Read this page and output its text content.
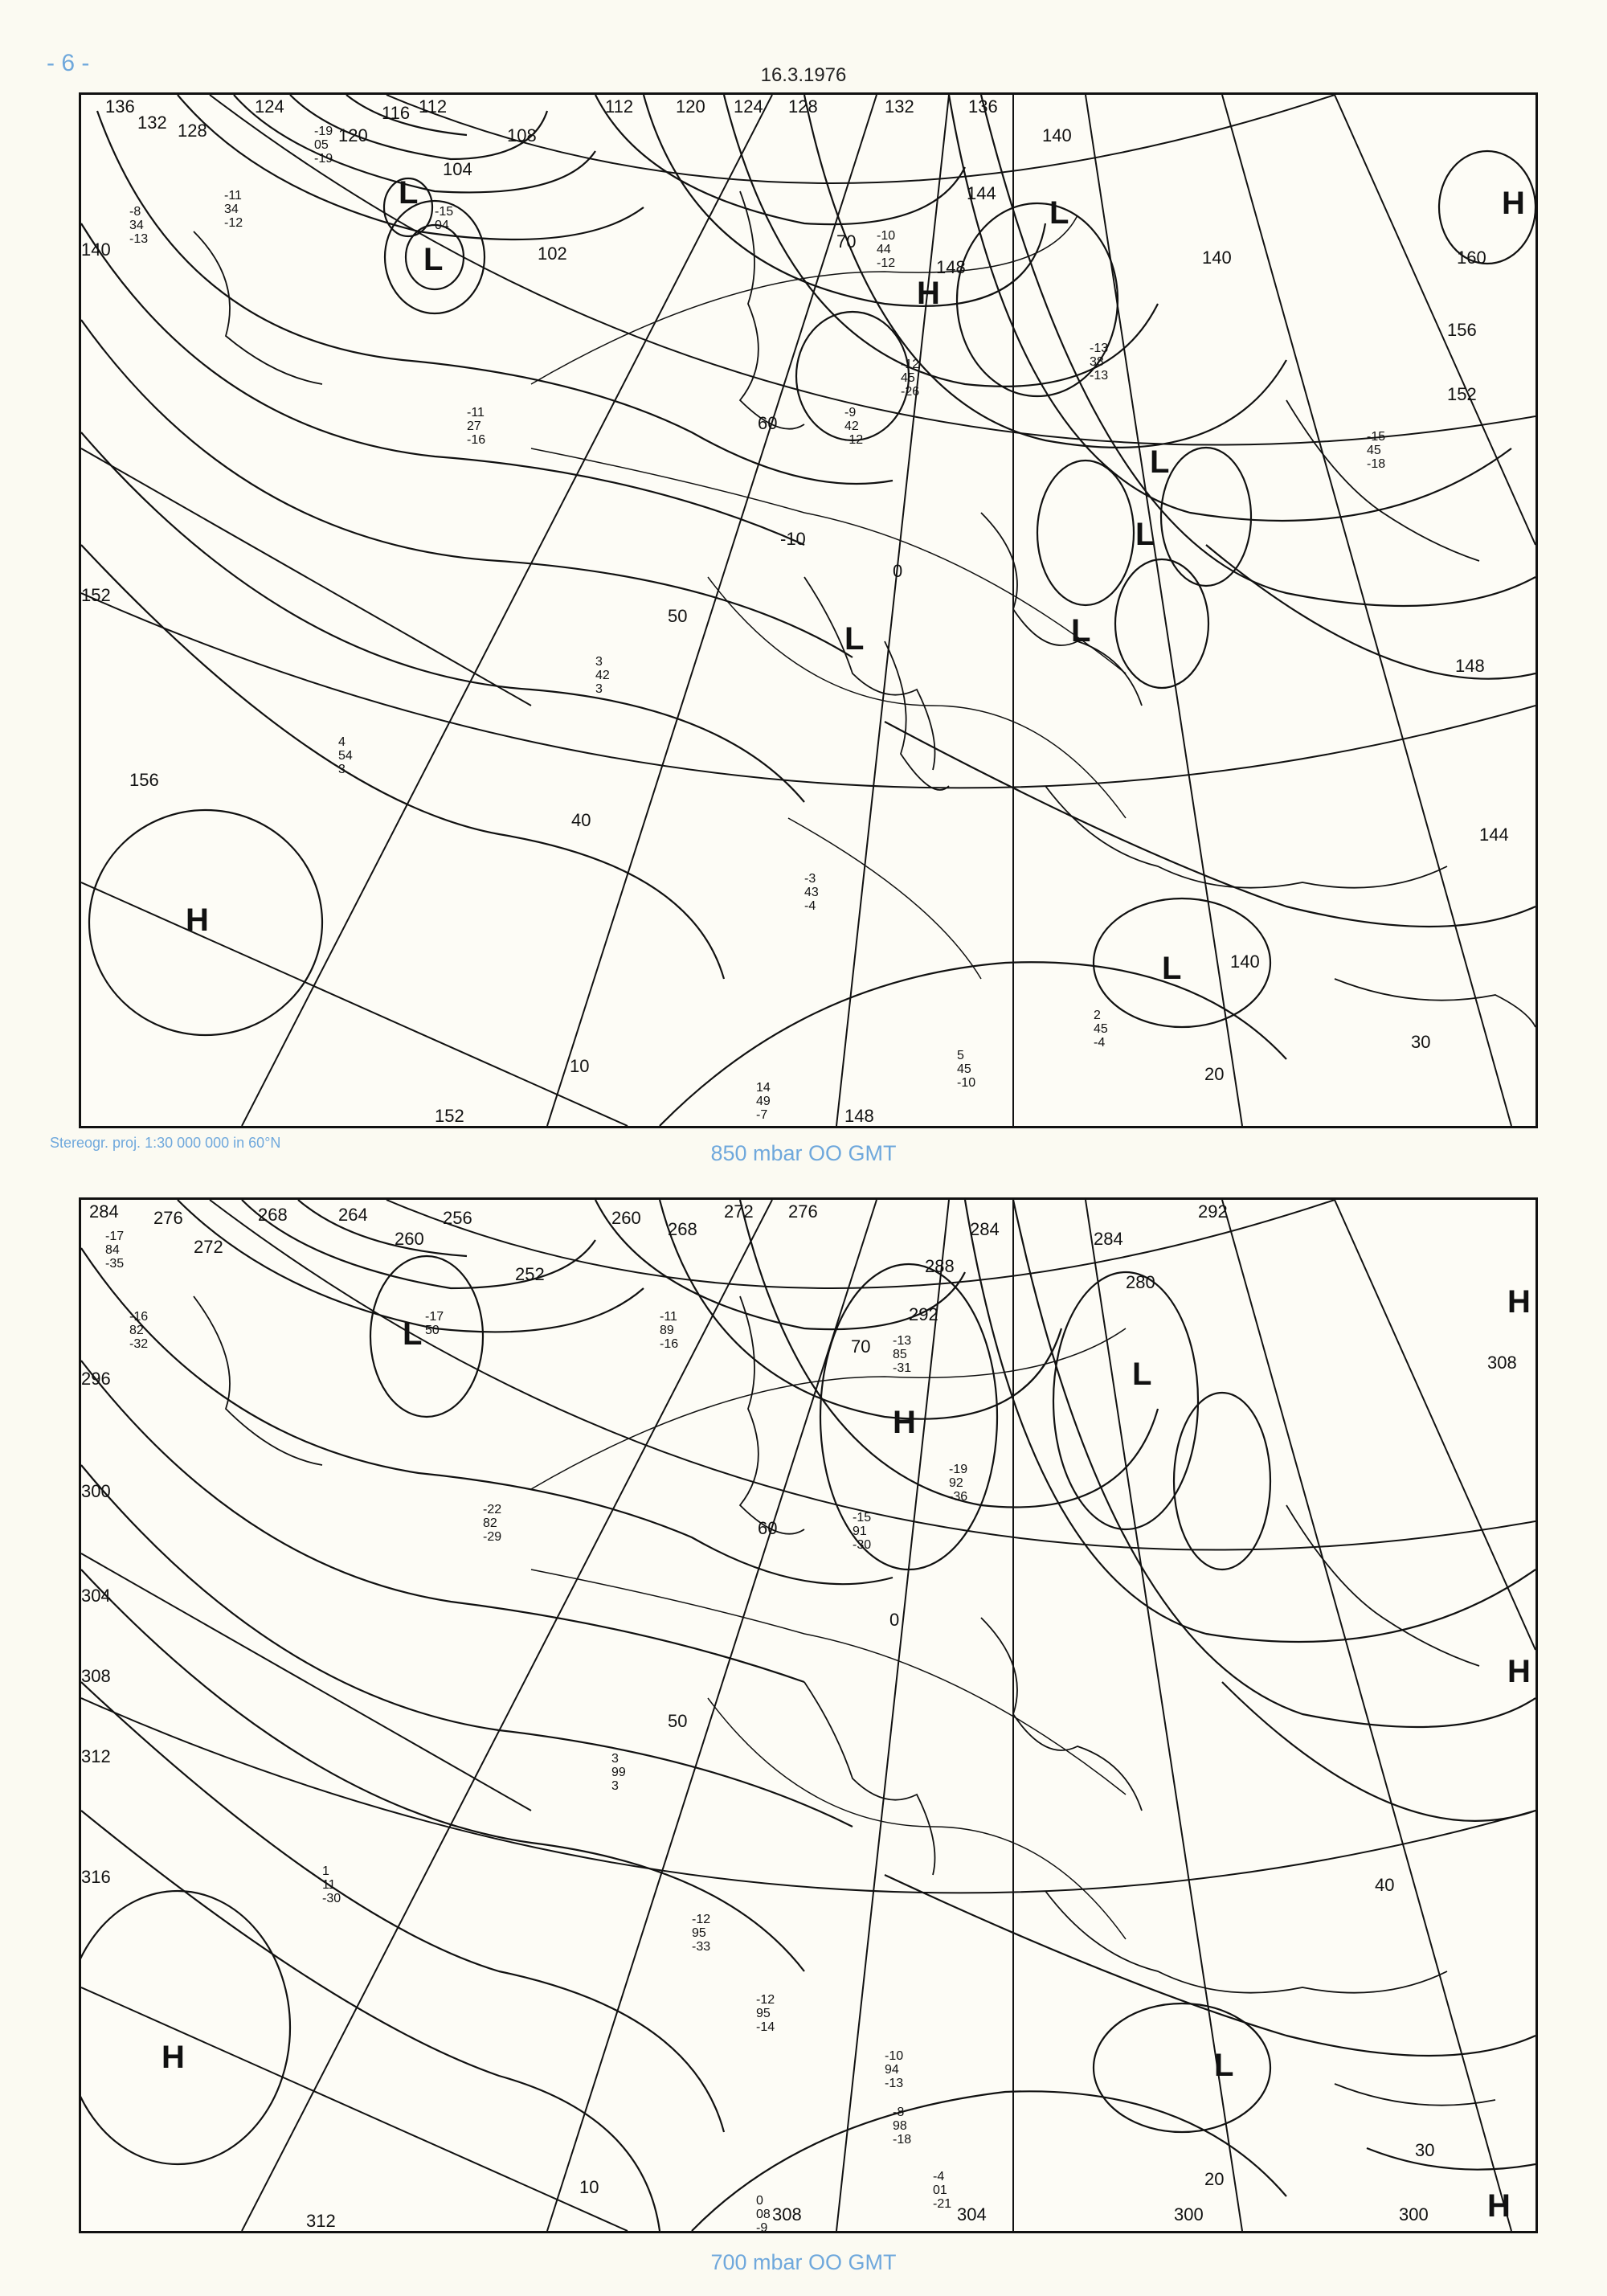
- 6 -	16.3.1976
L
L
H
L
L
L
L
L
H
L
H
136
132 128
124
120
116 112	112 120 124 128	132	136
140
144
148
140
152
156
160
104
108
102	140
148
152
156
144
140
148
152
70
60
50
40
30
20
10
-10
0
-19 05 -19
-11 34 -12
-8 34 -13
-15 04
-10 44 -12
-12 45 -26
-11 27 -16
3 42 3
4 54 3
-15 45 -18
-13 38 -13
-9 42 -12
14 49 -7
5 45 -10
2 45 -4
-3 43 -4
Stereogr. proj. 1:30 000 000 in 60°N	850 mbar OO GMT
L
H
L
H
H
L
H
H
284 276
272
268	264
260
256
252
260
268
272 276
284
288
292
284
280
292
296
300
304
308
312
316
312	308	304	300	300
308
70
60
50
40
30
20
10
0
-17 84 -35
-16 82 -32
-17 50
-11 89 -16	-13 85 -31
-19 92 -36
-15 91 -30
-22 82 -29
3 99 3
1 11 -30
-12 95 -33
-12 95 -14
-10 94 -13
-8 98 -18
-4 01 -21
0 08 -9
700 mbar OO GMT
